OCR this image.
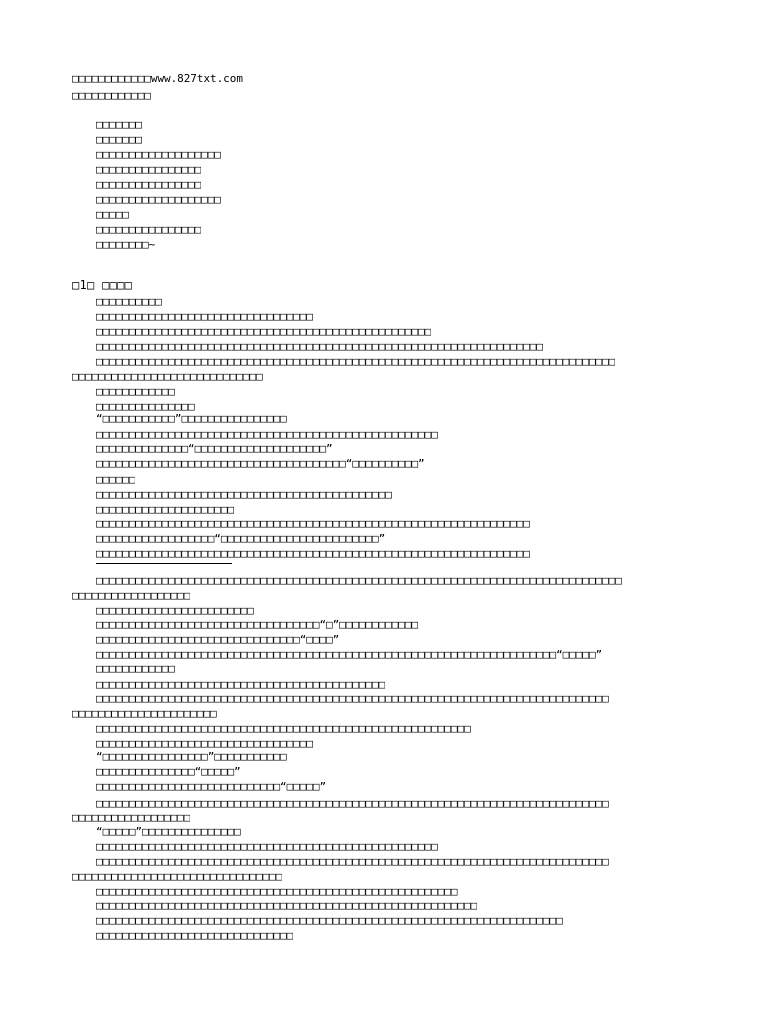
□□□□□□□□□□□□www.827txt.com
□□□□□□□□□□□□
□□□□□□□
□□□□□□□
□□□□□□□□□□□□□□□□□□□
□□□□□□□□□□□□□□□□
□□□□□□□□□□□□□□□□
□□□□□□□□□□□□□□□□□□□
□□□□□
□□□□□□□□□□□□□□□□
□□□□□□□□~
□1□ □□□□
□□□□□□□□□□
□□□□□□□□□□□□□□□□□□□□□□□□□□□□□□□□□
□□□□□□□□□□□□□□□□□□□□□□□□□□□□□□□□□□□□□□□□□□□□□□□□□□□
□□□□□□□□□□□□□□□□□□□□□□□□□□□□□□□□□□□□□□□□□□□□□□□□□□□□□□□□□□□□□□□□□□□□
□□□□□□□□□□□□□□□□□□□□□□□□□□□□□□□□□□□□□□□□□□□□□□□□□□□□□□□□□□□□□□□□□□□□□□□□□□□□□□□
□□□□□□□□□□□□□□□□□□□□□□□□□□□□□
□□□□□□□□□□□□
□□□□□□□□□□□□□□□
“□□□□□□□□□□□”□□□□□□□□□□□□□□□□
□□□□□□□□□□□□□□□□□□□□□□□□□□□□□□□□□□□□□□□□□□□□□□□□□□□□
□□□□□□□□□□□□□□“□□□□□□□□□□□□□□□□□□□□”
□□□□□□□□□□□□□□□□□□□□□□□□□□□□□□□□□□□□□□“□□□□□□□□□□”
□□□□□□
□□□□□□□□□□□□□□□□□□□□□□□□□□□□□□□□□□□□□□□□□□□□□
□□□□□□□□□□□□□□□□□□□□□
□□□□□□□□□□□□□□□□□□□□□□□□□□□□□□□□□□□□□□□□□□□□□□□□□□□□□□□□□□□□□□□□□□
□□□□□□□□□□□□□□□□□□“□□□□□□□□□□□□□□□□□□□□□□□□”
□□□□□□□□□□□□□□□□□□□□□□□□□□□□□□□□□□□□□□□□□□□□□□□□□□□□□□□□□□□□□□□□□□
□□□□□□□□□□□□□□□□□□□□□□□□□□□□□□□□□□□□□□□□□□□□□□□□□□□□□□□□□□□□□□□□□□□□□□□□□□□□□□□□
□□□□□□□□□□□□□□□□□□
□□□□□□□□□□□□□□□□□□□□□□□□
□□□□□□□□□□□□□□□□□□□□□□□□□□□□□□□□□□“□”□□□□□□□□□□□□
□□□□□□□□□□□□□□□□□□□□□□□□□□□□□□□“□□□□”
□□□□□□□□□□□□□□□□□□□□□□□□□□□□□□□□□□□□□□□□□□□□□□□□□□□□□□□□□□□□□□□□□□□□□□“□□□□□”
□□□□□□□□□□□□
□□□□□□□□□□□□□□□□□□□□□□□□□□□□□□□□□□□□□□□□□□□□
□□□□□□□□□□□□□□□□□□□□□□□□□□□□□□□□□□□□□□□□□□□□□□□□□□□□□□□□□□□□□□□□□□□□□□□□□□□□□□
□□□□□□□□□□□□□□□□□□□□□□
□□□□□□□□□□□□□□□□□□□□□□□□□□□□□□□□□□□□□□□□□□□□□□□□□□□□□□□□□
□□□□□□□□□□□□□□□□□□□□□□□□□□□□□□□□□
“□□□□□□□□□□□□□□□□”□□□□□□□□□□□
□□□□□□□□□□□□□□□“□□□□□”
□□□□□□□□□□□□□□□□□□□□□□□□□□□□“□□□□□”
□□□□□□□□□□□□□□□□□□□□□□□□□□□□□□□□□□□□□□□□□□□□□□□□□□□□□□□□□□□□□□□□□□□□□□□□□□□□□□
□□□□□□□□□□□□□□□□□□
“□□□□□”□□□□□□□□□□□□□□□
□□□□□□□□□□□□□□□□□□□□□□□□□□□□□□□□□□□□□□□□□□□□□□□□□□□□
□□□□□□□□□□□□□□□□□□□□□□□□□□□□□□□□□□□□□□□□□□□□□□□□□□□□□□□□□□□□□□□□□□□□□□□□□□□□□□
□□□□□□□□□□□□□□□□□□□□□□□□□□□□□□□□
□□□□□□□□□□□□□□□□□□□□□□□□□□□□□□□□□□□□□□□□□□□□□□□□□□□□□□□
□□□□□□□□□□□□□□□□□□□□□□□□□□□□□□□□□□□□□□□□□□□□□□□□□□□□□□□□□□
□□□□□□□□□□□□□□□□□□□□□□□□□□□□□□□□□□□□□□□□□□□□□□□□□□□□□□□□□□□□□□□□□□□□□□□
□□□□□□□□□□□□□□□□□□□□□□□□□□□□□□
